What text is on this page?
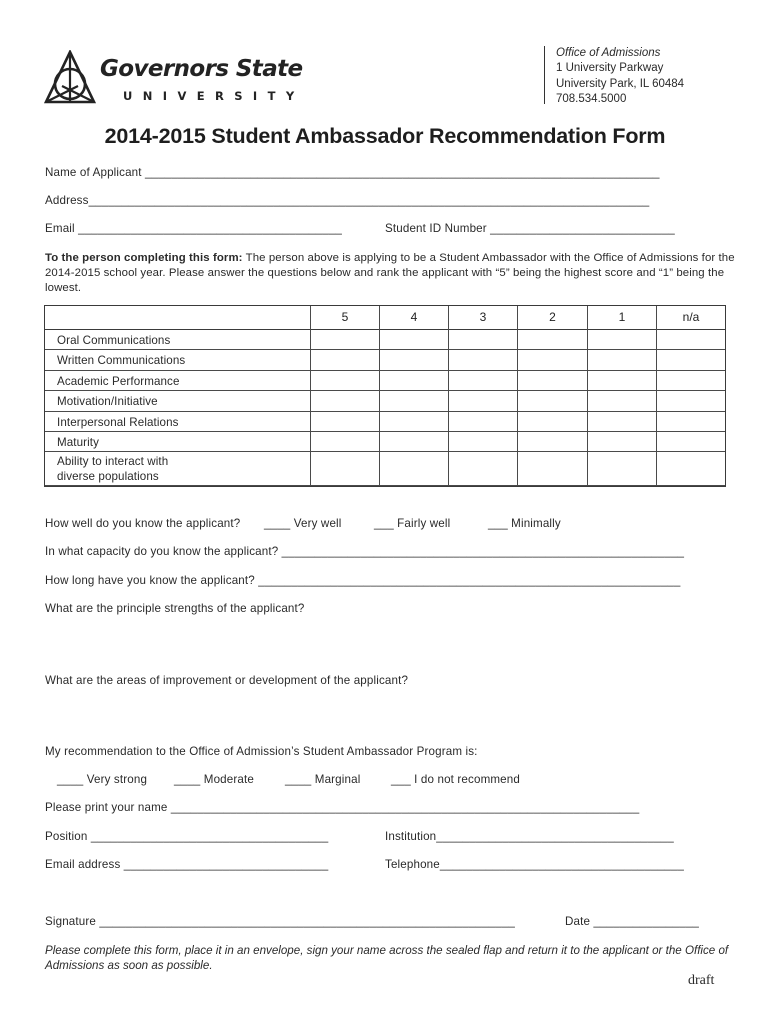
Governors State
UNIVERSITY
Office of Admissions
1 University Parkway
University Park, IL 60484
708.534.5000
2014-2015 Student Ambassador Recommendation Form
Name of Applicant ______________________________________________________________________________
Address_____________________________________________________________________________________
Email ________________________________________	Student ID Number ____________________________
To the person completing this form: The person above is applying to be a Student Ambassador with the Office of Admissions for the 2014-2015 school year. Please answer the questions below and rank the applicant with “5” being the highest score and “1” being the lowest.
5	4	3	2	1	n/a
Oral Communications
Written Communications
Academic Performance
Motivation/Initiative
Interpersonal Relations
Maturity
Ability to interact with diverse populations
How well do you know the applicant? ____ Very well	___ Fairly well	___ Minimally
In what capacity do you know the applicant? _____________________________________________________________
How long have you know the applicant? ________________________________________________________________
What are the principle strengths of the applicant?
What are the areas of improvement or development of the applicant?
My recommendation to the Office of Admission’s Student Ambassador Program is:
____ Very strong ____ Moderate	____ Marginal	___ I do not recommend
Please print your name _______________________________________________________________________
Position ____________________________________	Institution____________________________________
Email address _______________________________	Telephone_____________________________________
Signature _______________________________________________________________	Date ________________
Please complete this form, place it in an envelope, sign your name across the sealed flap and return it to the applicant or the Office of Admissions as soon as possible.
draft
